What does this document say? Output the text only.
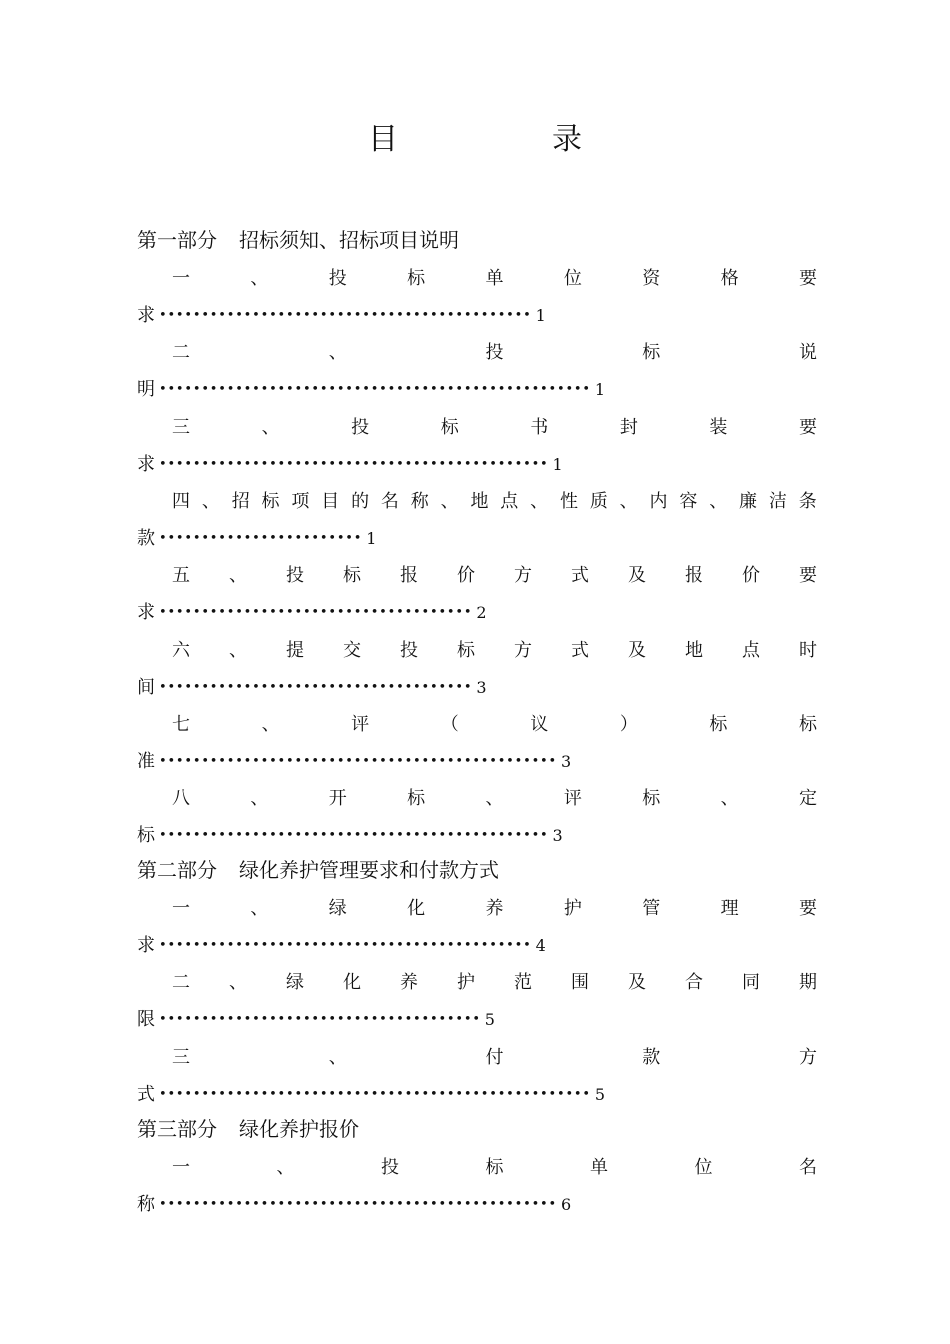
目　录
第一部分 招标须知、招标项目说明
一	、	投	标	单	位	资	格	要
求 •••••••••••••••••••••••••••••••••••••••••••• 1
二	、	投	标	说
明 ••••••••••••••••••••••••••••••••••••••••••••••••••• 1
三	、	投	标	书	封	装	要
求 •••••••••••••••••••••••••••••••••••••••••••••• 1
四 、 招 标 项 目 的 名 称 、 地 点 、 性 质 、 内 容 、 廉 洁 条
款 •••••••••••••••••••••••• 1
五 、 投 标 报 价 方 式 及 报 价 要
求 ••••••••••••••••••••••••••••••••••••• 2
六 、 提 交 投 标 方 式 及 地 点 时
间 ••••••••••••••••••••••••••••••••••••• 3
七	、	评	（	议	）	标	标
准 ••••••••••••••••••••••••••••••••••••••••••••••• 3
八	、	开	标	、	评	标	、	定
标 •••••••••••••••••••••••••••••••••••••••••••••• 3
第二部分 绿化养护管理要求和付款方式
一	、	绿	化	养	护	管	理	要
求 •••••••••••••••••••••••••••••••••••••••••••• 4
二 、 绿 化 养 护 范 围 及 合 同 期
限 •••••••••••••••••••••••••••••••••••••• 5
三	、	付	款	方
式 ••••••••••••••••••••••••••••••••••••••••••••••••••• 5
第三部分 绿化养护报价
一	、	投	标	单	位	名
称 ••••••••••••••••••••••••••••••••••••••••••••••• 6
